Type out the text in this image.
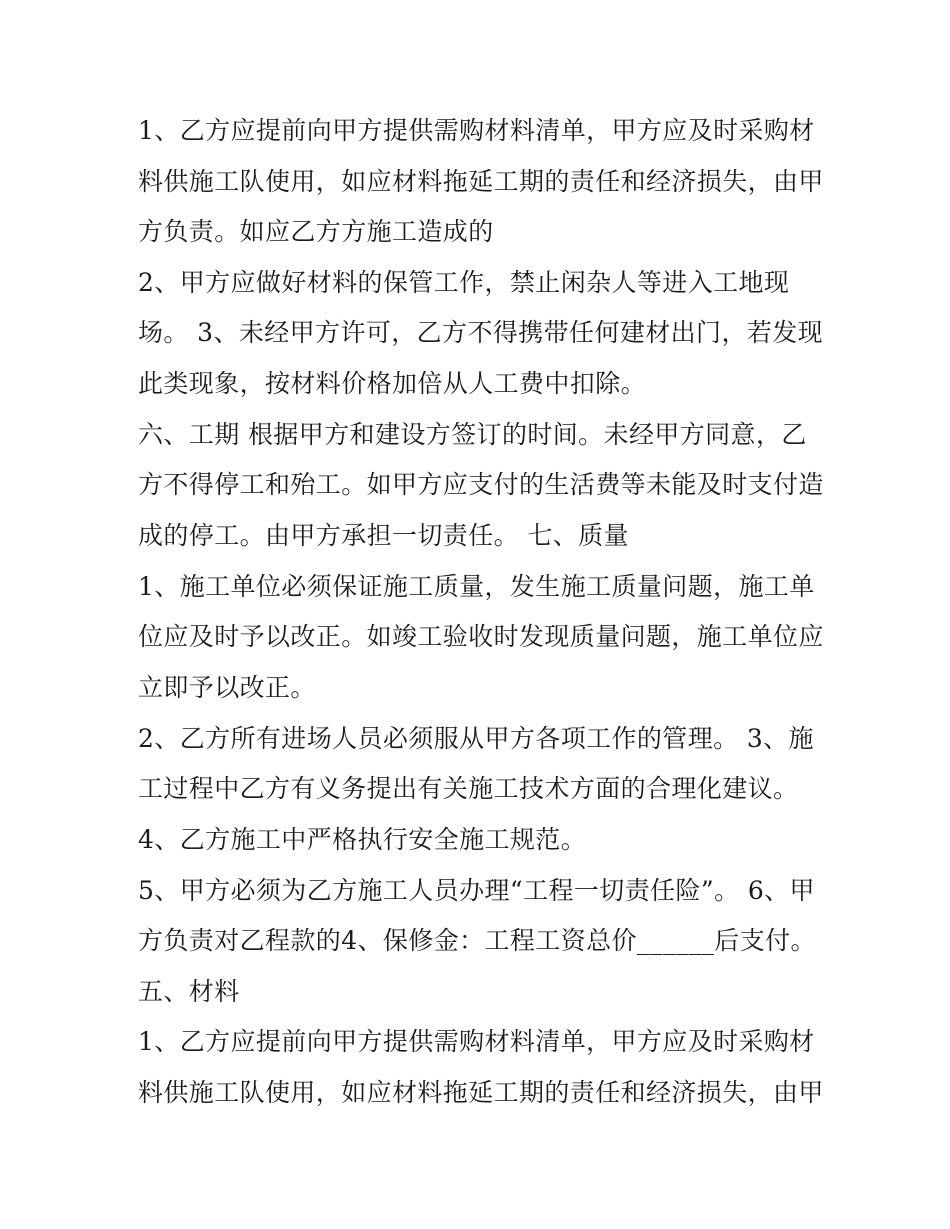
1、乙方应提前向甲方提供需购材料清单，甲方应及时采购材
料供施工队使用，如应材料拖延工期的责任和经济损失，由甲
方负责。如应乙方方施工造成的
2、甲方应做好材料的保管工作，禁止闲杂人等进入工地现
场。 3、未经甲方许可，乙方不得携带任何建材出门，若发现
此类现象，按材料价格加倍从人工费中扣除。
六、工期 根据甲方和建设方签订的时间。未经甲方同意，乙
方不得停工和殆工。如甲方应支付的生活费等未能及时支付造
成的停工。由甲方承担一切责任。 七、质量
1、施工单位必须保证施工质量，发生施工质量问题，施工单
位应及时予以改正。如竣工验收时发现质量问题，施工单位应
立即予以改正。
2、乙方所有进场人员必须服从甲方各项工作的管理。 3、施
工过程中乙方有义务提出有关施工技术方面的合理化建议。
4、乙方施工中严格执行安全施工规范。
5、甲方必须为乙方施工人员办理“工程一切责任险”。 6、甲
方负责对乙程款的4、保修金：工程工资总价______后支付。
五、材料
1、乙方应提前向甲方提供需购材料清单，甲方应及时采购材
料供施工队使用，如应材料拖延工期的责任和经济损失，由甲
